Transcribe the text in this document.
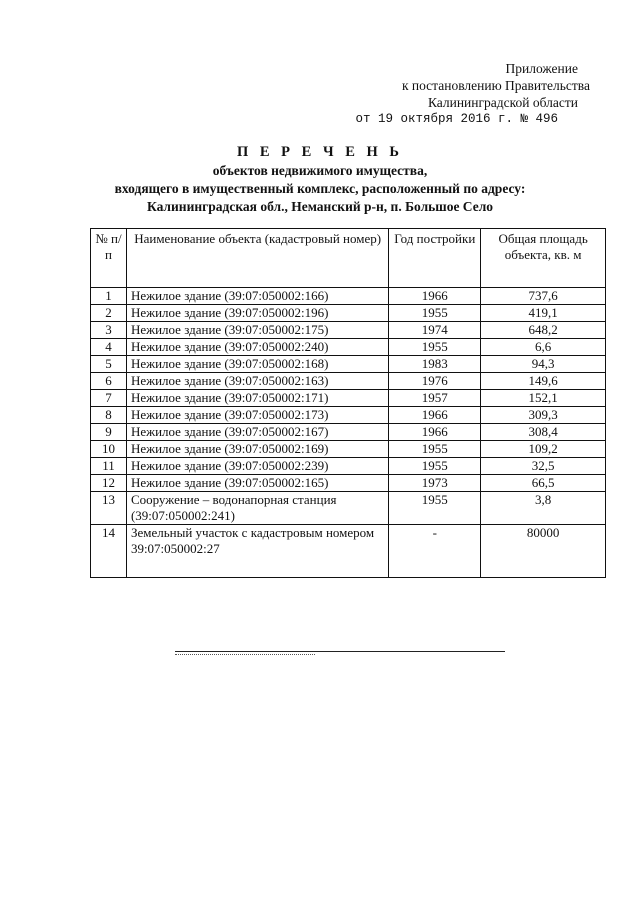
Приложение
к постановлению Правительства
Калининградской области
от 19 октября 2016 г. № 496
П Е Р Е Ч Е Н Ь
объектов недвижимого имущества,
входящего в имущественный комплекс, расположенный по адресу:
Калининградская обл., Неманский р-н, п. Большое Село
№ п/п	Наименование объекта (кадастровый номер)	Год постройки	Общая площадь объекта, кв. м
1	Нежилое здание (39:07:050002:166)	1966	737,6
2	Нежилое здание (39:07:050002:196)	1955	419,1
3	Нежилое здание (39:07:050002:175)	1974	648,2
4	Нежилое здание (39:07:050002:240)	1955	6,6
5	Нежилое здание (39:07:050002:168)	1983	94,3
6	Нежилое здание (39:07:050002:163)	1976	149,6
7	Нежилое здание (39:07:050002:171)	1957	152,1
8	Нежилое здание (39:07:050002:173)	1966	309,3
9	Нежилое здание (39:07:050002:167)	1966	308,4
10	Нежилое здание (39:07:050002:169)	1955	109,2
11	Нежилое здание (39:07:050002:239)	1955	32,5
12	Нежилое здание (39:07:050002:165)	1973	66,5
13	Сооружение – водонапорная станция (39:07:050002:241)	1955	3,8
14	Земельный участок с кадастровым номером 39:07:050002:27	-	80000
